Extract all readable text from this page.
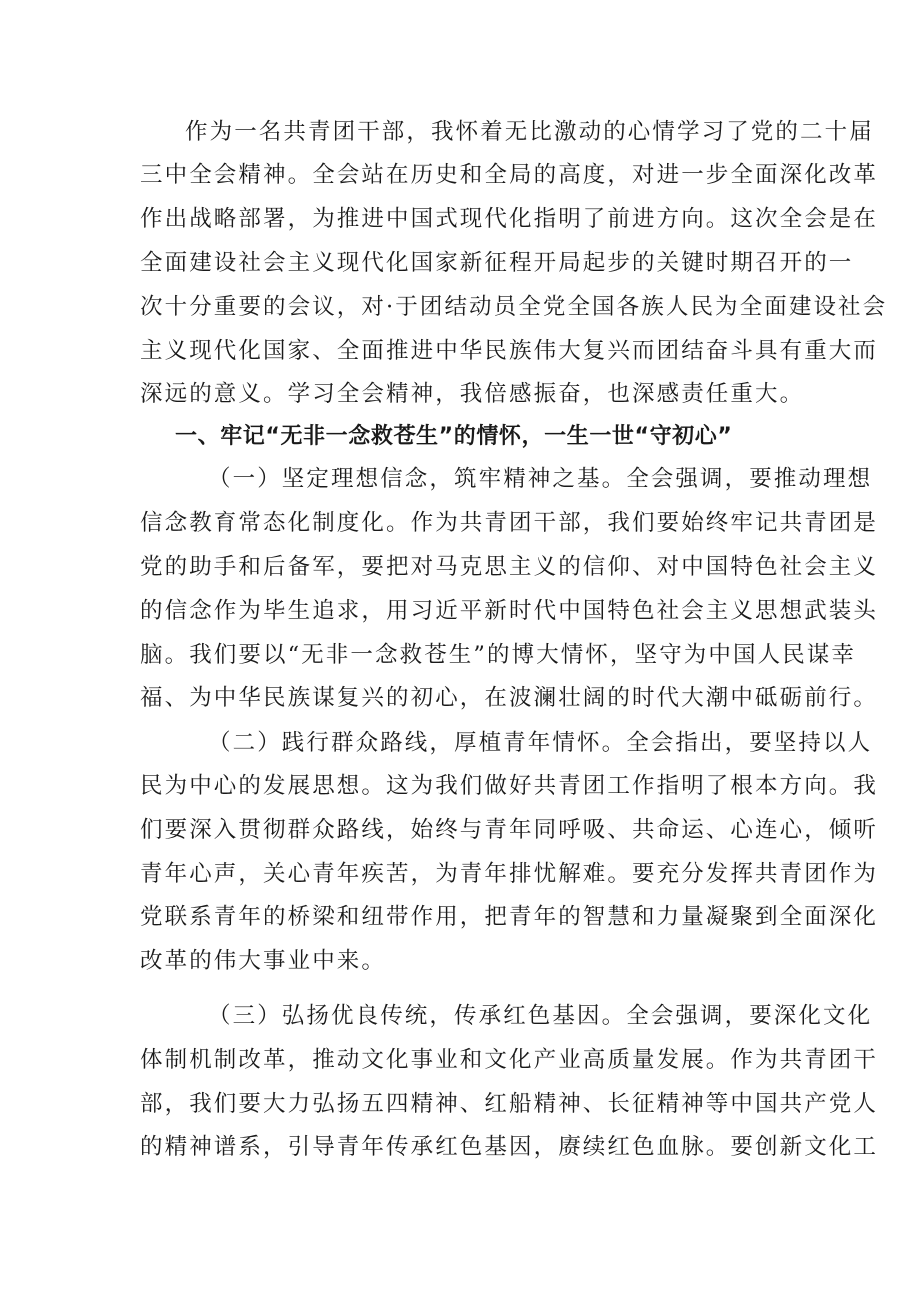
作为一名共青团干部，我怀着无比激动的心情学习了党的二十届
三中全会精神。全会站在历史和全局的高度，对进一步全面深化改革
作出战略部署，为推进中国式现代化指明了前进方向。这次全会是在
全面建设社会主义现代化国家新征程开局起步的关键时期召开的一
次十分重要的会议，对·于团结动员全党全国各族人民为全面建设社会
主义现代化国家、全面推进中华民族伟大复兴而团结奋斗具有重大而
深远的意义。学习全会精神，我倍感振奋，也深感责任重大。
一、牢记“无非一念救苍生”的情怀，一生一世“守初心”
（一）坚定理想信念，筑牢精神之基。全会强调，要推动理想
信念教育常态化制度化。作为共青团干部，我们要始终牢记共青团是
党的助手和后备军，要把对马克思主义的信仰、对中国特色社会主义
的信念作为毕生追求，用习近平新时代中国特色社会主义思想武装头
脑。我们要以“无非一念救苍生”的博大情怀，坚守为中国人民谋幸
福、为中华民族谋复兴的初心，在波澜壮阔的时代大潮中砥砺前行。
（二）践行群众路线，厚植青年情怀。全会指出，要坚持以人
民为中心的发展思想。这为我们做好共青团工作指明了根本方向。我
们要深入贯彻群众路线，始终与青年同呼吸、共命运、心连心，倾听
青年心声，关心青年疾苦，为青年排忧解难。要充分发挥共青团作为
党联系青年的桥梁和纽带作用，把青年的智慧和力量凝聚到全面深化
改革的伟大事业中来。
（三）弘扬优良传统，传承红色基因。全会强调，要深化文化
体制机制改革，推动文化事业和文化产业高质量发展。作为共青团干
部，我们要大力弘扬五四精神、红船精神、长征精神等中国共产党人
的精神谱系，引导青年传承红色基因，赓续红色血脉。要创新文化工
